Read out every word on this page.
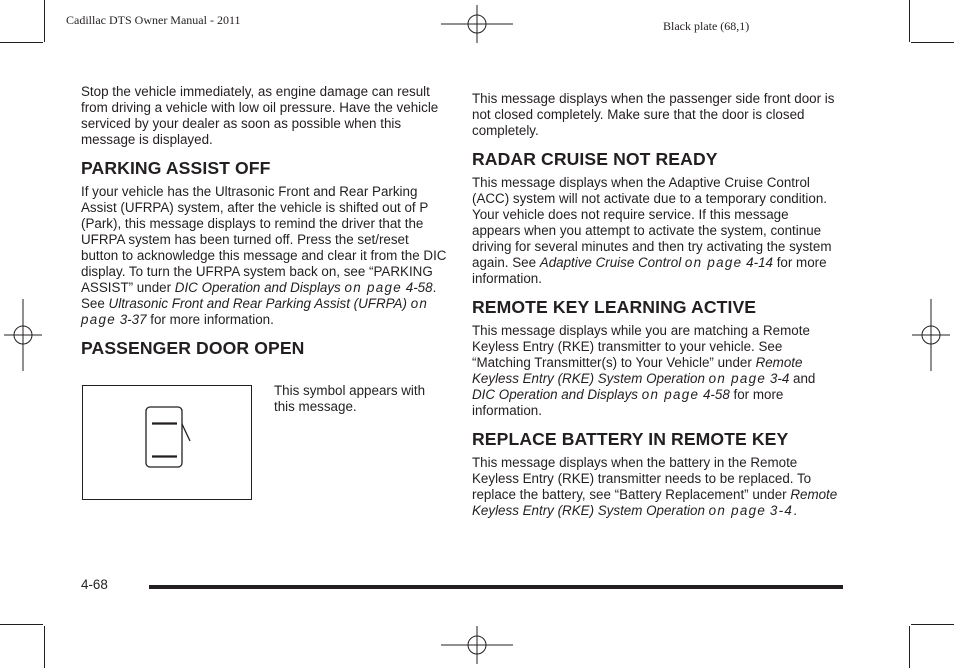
Cadillac DTS Owner Manual - 2011	Black plate (68,1)

Stop the vehicle immediately, as engine damage can result from driving a vehicle with low oil pressure. Have the vehicle serviced by your dealer as soon as possible when this message is displayed.

PARKING ASSIST OFF

If your vehicle has the Ultrasonic Front and Rear Parking Assist (UFRPA) system, after the vehicle is shifted out of P (Park), this message displays to remind the driver that the UFRPA system has been turned off. Press the set/reset button to acknowledge this message and clear it from the DIC display. To turn the UFRPA system back on, see “PARKING ASSIST” under DIC Operation and Displays on page 4-58. See Ultrasonic Front and Rear Parking Assist (UFRPA) on page 3-37 for more information.

PASSENGER DOOR OPEN
This symbol appears with this message.

This message displays when the passenger side front door is not closed completely. Make sure that the door is closed completely.

RADAR CRUISE NOT READY

This message displays when the Adaptive Cruise Control (ACC) system will not activate due to a temporary condition. Your vehicle does not require service. If this message appears when you attempt to activate the system, continue driving for several minutes and then try activating the system again. See Adaptive Cruise Control on page 4-14 for more information.

REMOTE KEY LEARNING ACTIVE

This message displays while you are matching a Remote Keyless Entry (RKE) transmitter to your vehicle. See “Matching Transmitter(s) to Your Vehicle” under Remote Keyless Entry (RKE) System Operation on page 3-4 and DIC Operation and Displays on page 4-58 for more information.

REPLACE BATTERY IN REMOTE KEY

This message displays when the battery in the Remote Keyless Entry (RKE) transmitter needs to be replaced. To replace the battery, see “Battery Replacement” under Remote Keyless Entry (RKE) System Operation on page 3-4.

4-68
